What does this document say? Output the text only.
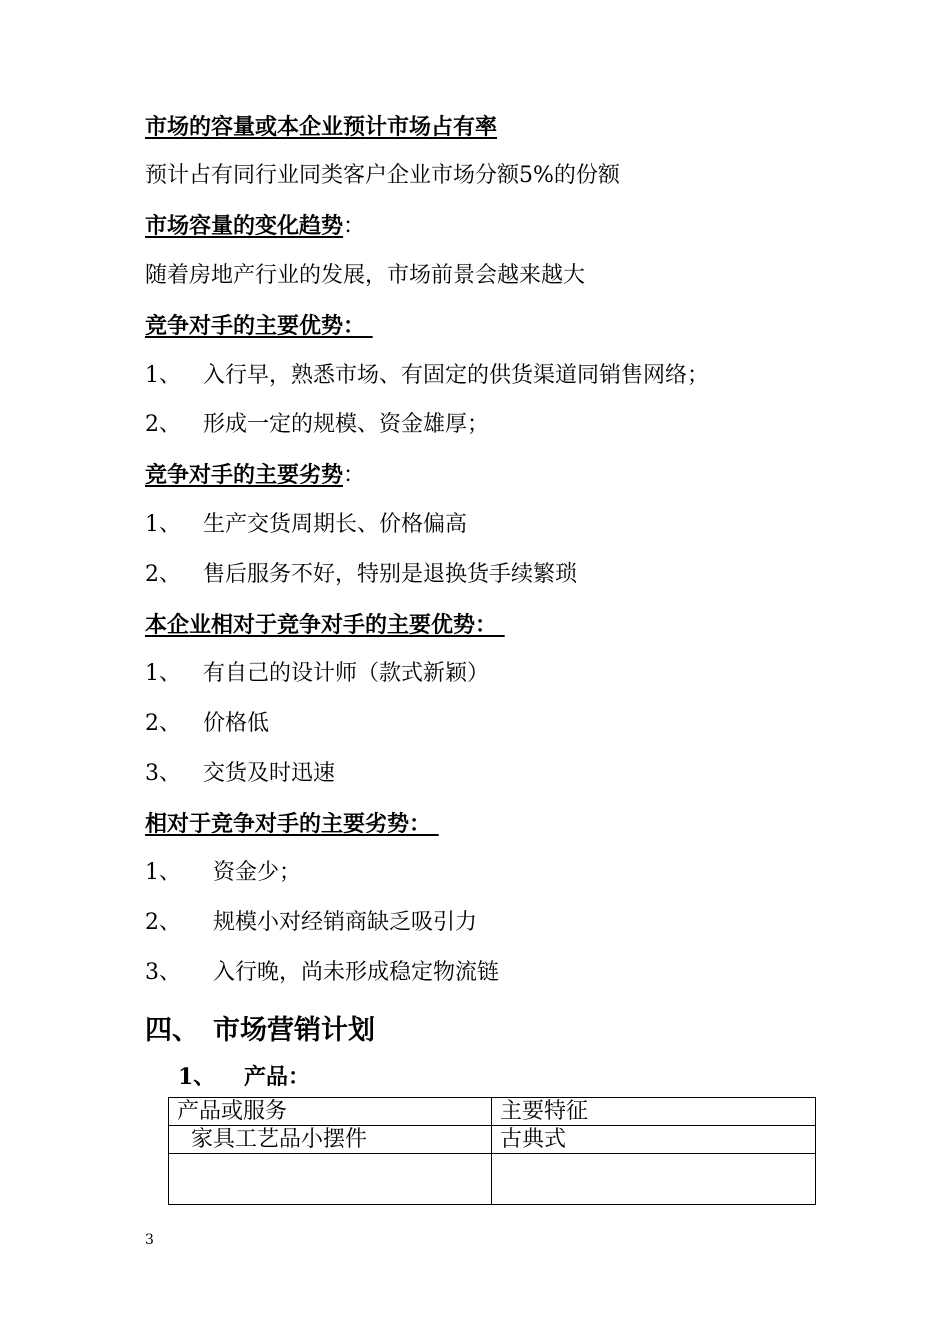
市场的容量或本企业预计市场占有率
预计占有同行业同类客户企业市场分额5%的份额
市场容量的变化趋势：
随着房地产行业的发展，市场前景会越来越大
竞争对手的主要优势：
1、 入行早，熟悉市场、有固定的供货渠道同销售网络；
2、 形成一定的规模、资金雄厚；
竞争对手的主要劣势：
1、 生产交货周期长、价格偏高
2、 售后服务不好，特别是退换货手续繁琐
本企业相对于竞争对手的主要优势：
1、 有自己的设计师（款式新颖）
2、 价格低
3、 交货及时迅速
相对于竞争对手的主要劣势：
1、 资金少；
2、 规模小对经销商缺乏吸引力
3、 入行晚，尚未形成稳定物流链
四、 市场营销计划
1、 产品：
产品或服务	主要特征
家具工艺品小摆件	古典式

3
